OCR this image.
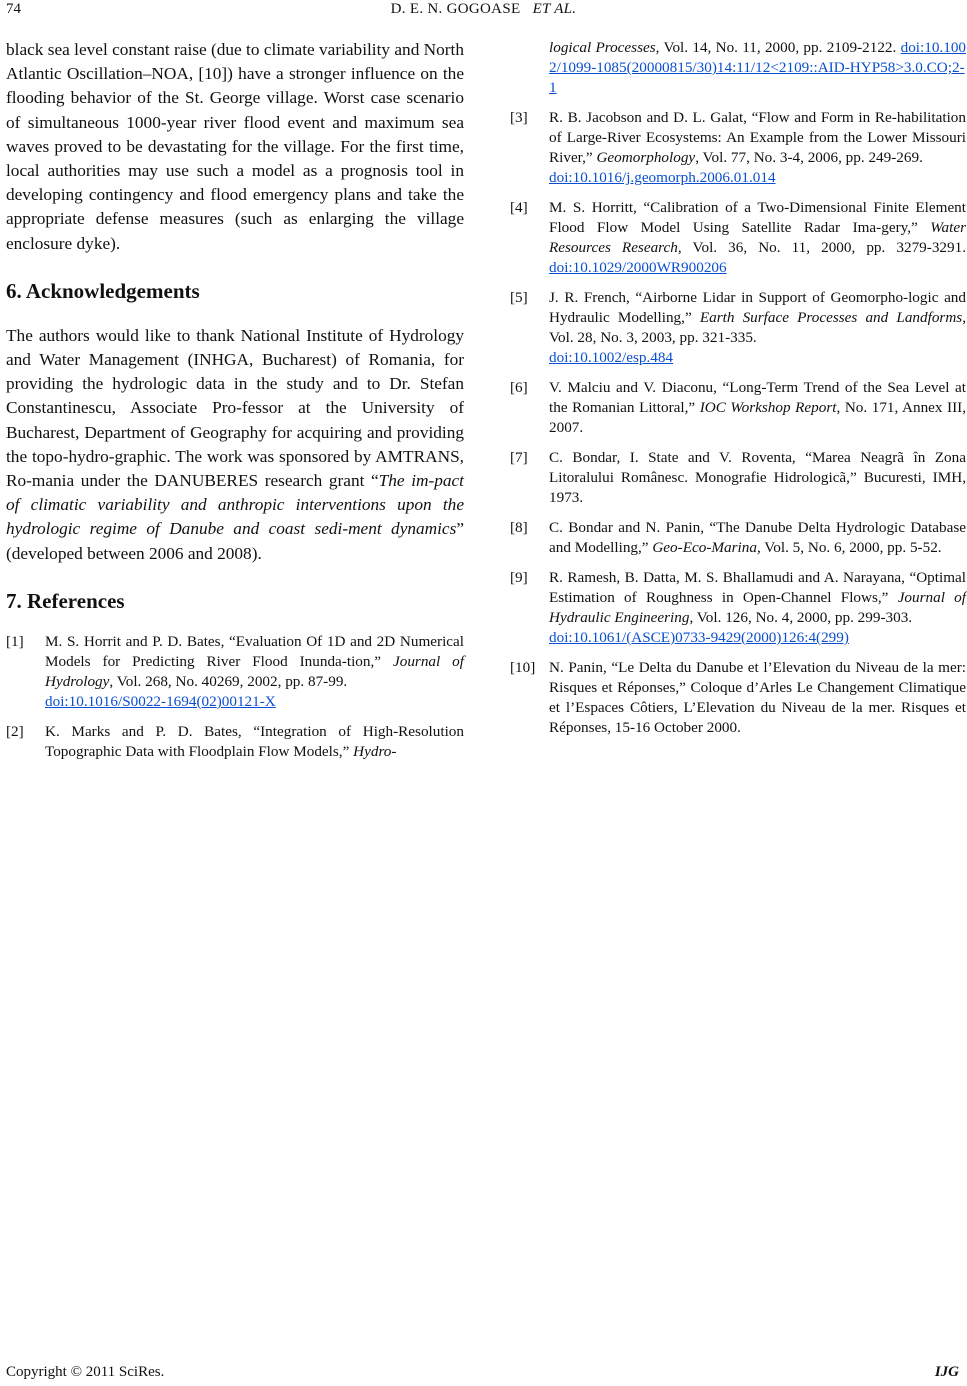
74	D. E. N. GOGOASE ET AL.

black sea level constant raise (due to climate variability and North Atlantic Oscillation–NOA, [10]) have a stronger influence on the flooding behavior of the St. George village. Worst case scenario of simultaneous 1000-year river flood event and maximum sea waves proved to be devastating for the village. For the first time, local authorities may use such a model as a prognosis tool in developing contingency and flood emergency plans and take the appropriate defense measures (such as enlarging the village enclosure dyke).

6. Acknowledgements

The authors would like to thank National Institute of Hydrology and Water Management (INHGA, Bucharest) of Romania, for providing the hydrologic data in the study and to Dr. Stefan Constantinescu, Associate Pro-fessor at the University of Bucharest, Department of Geography for acquiring and providing the topo-hydro-graphic. The work was sponsored by AMTRANS, Ro-mania under the DANUBERES research grant “The im-pact of climatic variability and anthropic interventions upon the hydrologic regime of Danube and coast sedi-ment dynamics” (developed between 2006 and 2008).

7. References
[1]	M. S. Horrit and P. D. Bates, “Evaluation Of 1D and 2D Numerical Models for Predicting River Flood Inunda-tion,” Journal of Hydrology, Vol. 268, No. 40269, 2002, pp. 87-99.
doi:10.1016/S0022-1694(02)00121-X
[2]	K. Marks and P. D. Bates, “Integration of High-Resolution Topographic Data with Floodplain Flow Models,” Hydro-
logical Processes, Vol. 14, No. 11, 2000, pp. 2109-2122. doi:10.1002/1099-1085(20000815/30)14:11/12<2109::AID-HYP58>3.0.CO;2-1
[3]	R. B. Jacobson and D. L. Galat, “Flow and Form in Re-habilitation of Large-River Ecosystems: An Example from the Lower Missouri River,” Geomorphology, Vol. 77, No. 3-4, 2006, pp. 249-269.
doi:10.1016/j.geomorph.2006.01.014
[4]	M. S. Horritt, “Calibration of a Two-Dimensional Finite Element Flood Flow Model Using Satellite Radar Ima-gery,” Water Resources Research, Vol. 36, No. 11, 2000, pp. 3279-3291. doi:10.1029/2000WR900206
[5]	J. R. French, “Airborne Lidar in Support of Geomorpho-logic and Hydraulic Modelling,” Earth Surface Processes and Landforms, Vol. 28, No. 3, 2003, pp. 321-335.
doi:10.1002/esp.484
[6]	V. Malciu and V. Diaconu, “Long-Term Trend of the Sea Level at the Romanian Littoral,” IOC Workshop Report, No. 171, Annex III, 2007.
[7]	C. Bondar, I. State and V. Roventa, “Marea Neagrã în Zona Litoralului Românesc. Monografie Hidrologicã,” Bucuresti, IMH, 1973.
[8]	C. Bondar and N. Panin, “The Danube Delta Hydrologic Database and Modelling,” Geo-Eco-Marina, Vol. 5, No. 6, 2000, pp. 5-52.
[9]	R. Ramesh, B. Datta, M. S. Bhallamudi and A. Narayana, “Optimal Estimation of Roughness in Open-Channel Flows,” Journal of Hydraulic Engineering, Vol. 126, No. 4, 2000, pp. 299-303.
doi:10.1061/(ASCE)0733-9429(2000)126:4(299)
[10] N. Panin, “Le Delta du Danube et l’Elevation du Niveau de la mer: Risques et Réponses,” Coloque d’Arles Le Changement Climatique et l’Espaces Côtiers, L’Elevation du Niveau de la mer. Risques et Réponses, 15-16 October 2000.
Copyright © 2011 SciRes.	IJG
